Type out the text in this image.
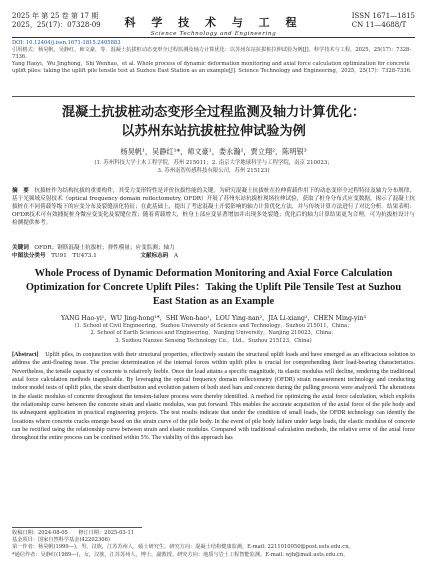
2025 年 第 25 卷 第 17 期
2025，25(17)：07328-09	科 学 技 术 与 工 程
Science Technology and Engineering
ISSN 1671—1815
CN 11—4688/T
DOI: 10.12404/j.issn.1671-1815.2405883
引用格式：杨昊帆，吴静红，师文豪，等．混凝土抗拔桩动态变形全过程监测及轴力计算优化：以苏州东站抗拔桩拉伸试验为例[J]．科学技术与工程，2025，25(17)：7328-7336.
Yang Haoyi，Wu Jinghong，Shi Wenhao，et al. Whole process of dynamic deformation monitoring and axial force calculation optimization for concrete uplift piles: taking the uplift pile tensile test at Suzhou East Station as an example[J]. Science Technology and Engineering，2025，25(17)：7328-7336.
混凝土抗拔桩动态变形全过程监测及轴力计算优化：
以苏州东站抗拔桩拉伸试验为例
杨昊帆¹，吴静红¹*，师文豪¹，娄永瀚²，贾立翔²，陈明银³
(1. 苏州科技大学土木工程学院，苏州 215011；2. 南京大学地球科学与工程学院，南京 210023；
3. 苏州南智传感科技有限公司，苏州 215123)
摘　要　 抗拔桩作为结构抗拔的重要构件，其受力变形特性是评价抗拔性能的关键。为研究混凝土抗拔桩在拉伸荷载作用下的动态变形全过程特征及轴力分布规律，基于光频域反射技术（optical frequency domain reflectometry, OFDR）开展了苏州东站抗拔桩现场拉伸试验，获取了桩身分布式应变数据，揭示了混凝土抗拔桩在不同荷载等级下的应变分布及裂缝演化特征；在此基础上，提出了考虑混凝土开裂影响的轴力计算优化方法，并与传统计算方法进行了对比分析。结果表明：OFDR技术可有效捕捉桩身微应变变化及裂缝位置；随着荷载增大，桩身上部应变显著增加并出现多处裂缝；优化后的轴力计算结果更为合理，可为抗拔桩设计与检测提供参考。
关键词　 OFDR；钢筋混凝土抗拔桩；弹性模量；应变监测；轴力
中图法分类号　 TU91　TU473.1	文献标志码　 A
Whole Process of Dynamic Deformation Monitoring and Axial Force Calculation Optimization for Concrete Uplift Piles：Taking the Uplift Pile Tensile Test at Suzhou East Station as an Example
YANG Hao-yi¹，WU Jing-hong¹*，SHI Wen-hao¹，LOU Ying-nan²，JIA Li-xiang²，CHEN Ming-yin³
(1. School of Civil Engineering，Suzhou University of Science and Technology，Suzhou 215011，China；
2. School of Earth Sciences and Engineering，Nanjing University，Nanjing 210023，China；
3. Suzhou Nanzee Sensing Technology Co.，Ltd.，Suzhou 215123，China)
[Abstract]　 Uplift piles, in conjunction with their structural properties, effectively sustain the structural uplift loads and have emerged as an efficacious solution to address the anti-floating issue. The precise determination of the internal forces within uplift piles is crucial for comprehending their load-bearing characteristics. Nevertheless, the tensile capacity of concrete is relatively feeble. Once the load attains a specific magnitude, its elastic modulus will decline, rendering the traditional axial force calculation methods inapplicable. By leveraging the optical frequency domain reflectometry (OFDR) strain measurement technology and conducting indoor model tests of uplift piles, the strain distribution and evolution pattern of both steel bars and concrete during the pulling process were analyzed. The alterations in the elastic modulus of concrete throughout the tension-failure process were thereby identified. A method for optimizing the axial force calculation, which exploits the relationship curve between the concrete strain and elastic modulus, was put forward. This enables the accurate acquisition of the axial force of the pile body and its subsequent application in practical engineering projects. The test results indicate that under the condition of small loads, the OFDR technology can identify the locations where concrete cracks emerge based on the strain curve of the pile body. In the event of pile body failure under large loads, the elastic modulus of concrete can be rectified using the relationship curve between strain and elastic modulus. Compared with traditional calculation methods, the relative error of the axial force throughout the entire process can be confined within 5%. The viability of this approach has
收稿日期：2024-08-05　　修订日期：2025-03-11
基金项目：国家自然科学基金(42202306)
第一作者：杨昊帆(1999—)，男，汉族，江苏苏州人，硕士研究生。研究方向：混凝土结构健康监测。E-mail: 2211010050@post.usts.edu.cn。
*通信作者：吴静红(1989—)，女，汉族，江苏苏州人，博士，副教授。研究方向：地质与岩土工程智能监测。E-mail: wjh@mail.usts.edu.cn。
